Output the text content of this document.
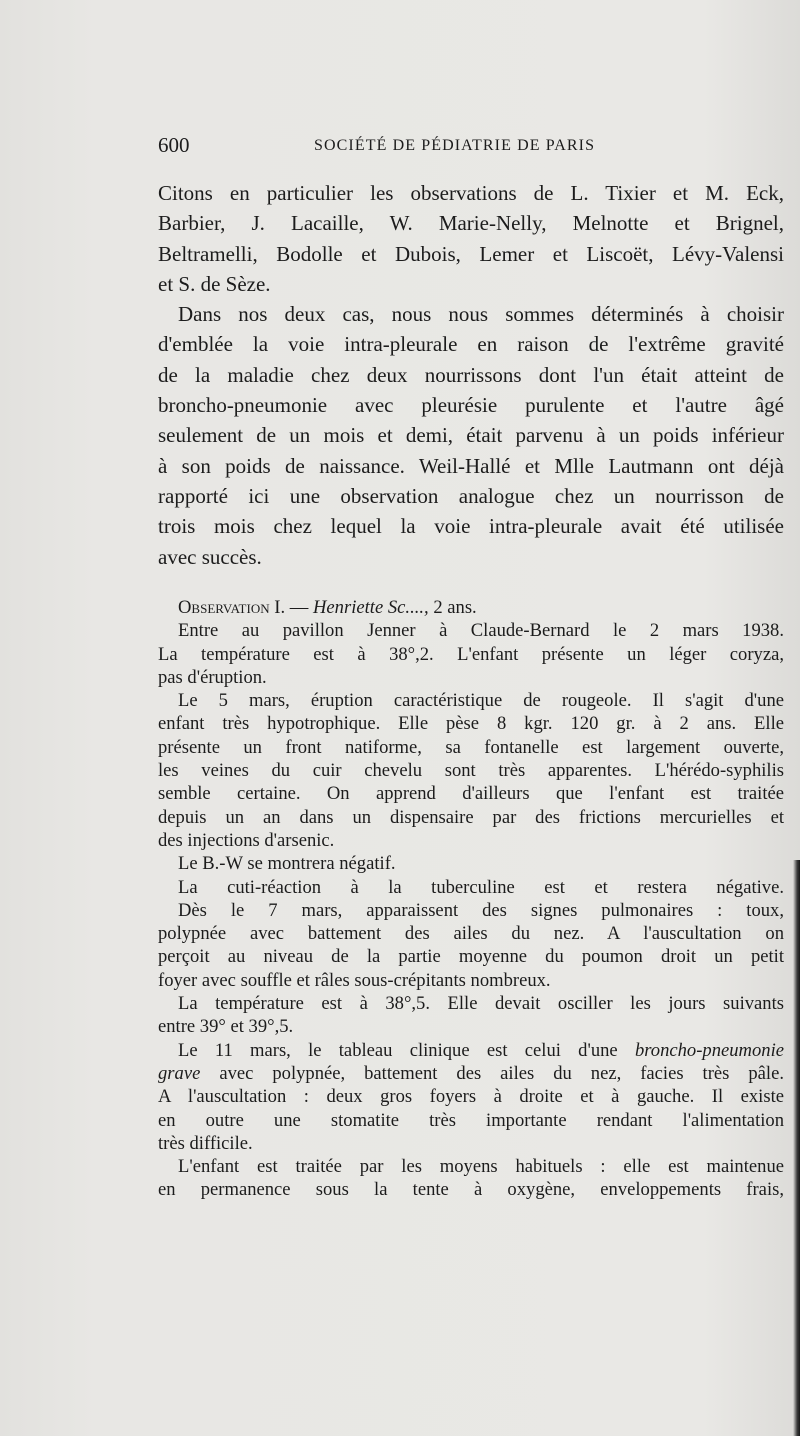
600	SOCIÉTÉ DE PÉDIATRIE DE PARIS
Citons en particulier les observations de L. Tixier et M. Eck,
Barbier, J. Lacaille, W. Marie-Nelly, Melnotte et Brignel,
Beltramelli, Bodolle et Dubois, Lemer et Liscoët, Lévy-Valensi
et S. de Sèze.
Dans nos deux cas, nous nous sommes déterminés à choisir
d'emblée la voie intra-pleurale en raison de l'extrême gravité
de la maladie chez deux nourrissons dont l'un était atteint de
broncho-pneumonie avec pleurésie purulente et l'autre âgé
seulement de un mois et demi, était parvenu à un poids inférieur
à son poids de naissance. Weil-Hallé et Mlle Lautmann ont déjà
rapporté ici une observation analogue chez un nourrisson de
trois mois chez lequel la voie intra-pleurale avait été utilisée
avec succès.
Observation I. — Henriette Sc...., 2 ans.
Entre au pavillon Jenner à Claude-Bernard le 2 mars 1938.
La température est à 38°,2. L'enfant présente un léger coryza,
pas d'éruption.
Le 5 mars, éruption caractéristique de rougeole. Il s'agit d'une
enfant très hypotrophique. Elle pèse 8 kgr. 120 gr. à 2 ans. Elle
présente un front natiforme, sa fontanelle est largement ouverte,
les veines du cuir chevelu sont très apparentes. L'hérédo-syphilis
semble certaine. On apprend d'ailleurs que l'enfant est traitée
depuis un an dans un dispensaire par des frictions mercurielles et
des injections d'arsenic.
Le B.-W se montrera négatif.
La cuti-réaction à la tuberculine est et restera négative.
Dès le 7 mars, apparaissent des signes pulmonaires : toux,
polypnée avec battement des ailes du nez. A l'auscultation on
perçoit au niveau de la partie moyenne du poumon droit un petit
foyer avec souffle et râles sous-crépitants nombreux.
La température est à 38°,5. Elle devait osciller les jours suivants
entre 39° et 39°,5.
Le 11 mars, le tableau clinique est celui d'une broncho-pneumonie
grave avec polypnée, battement des ailes du nez, facies très pâle.
A l'auscultation : deux gros foyers à droite et à gauche. Il existe
en outre une stomatite très importante rendant l'alimentation
très difficile.
L'enfant est traitée par les moyens habituels : elle est maintenue
en permanence sous la tente à oxygène, enveloppements frais,
